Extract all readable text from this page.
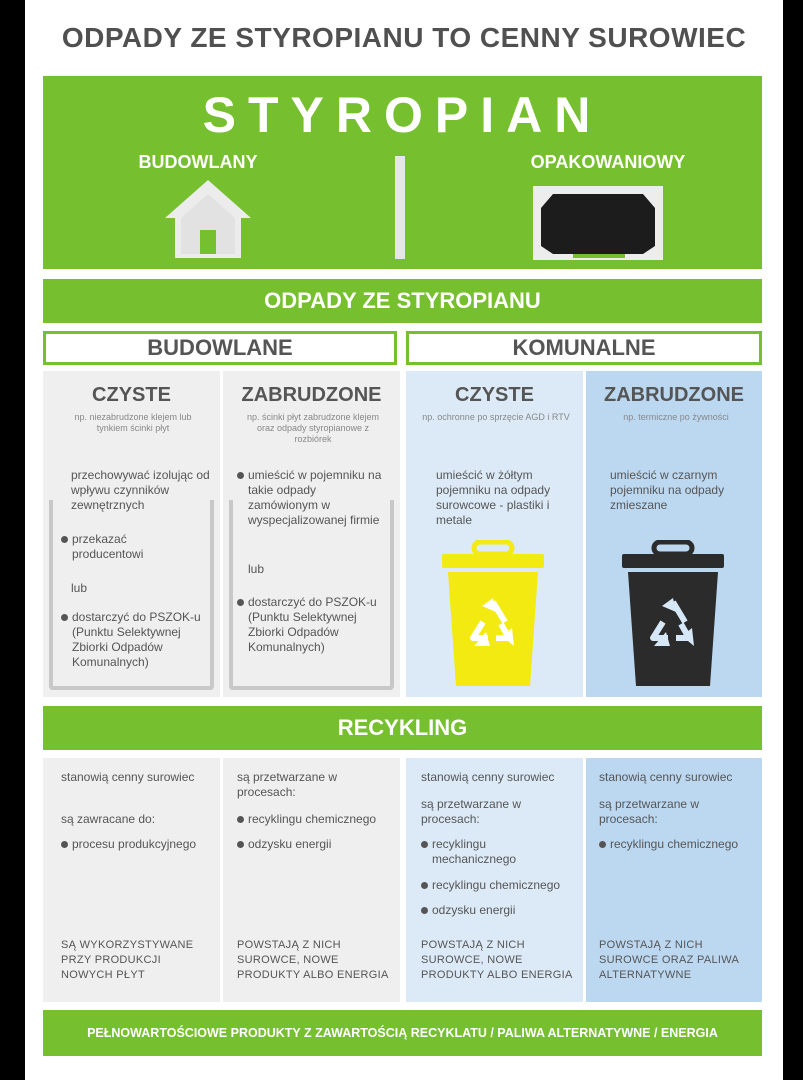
ODPADY ZE STYROPIANU TO CENNY SUROWIEC
STYROPIAN
BUDOWLANY	OPAKOWANIOWY
ODPADY ZE STYROPIANU
BUDOWLANE	KOMUNALNE
CZYSTE
np. niezabrudzone klejem lub tynkiem ścinki płyt
przechowywać izolując od wpływu czynników zewnętrznych
przekazać producentowi
lub
dostarczyć do PSZOK-u (Punktu Selektywnej Zbiorki Odpadów Komunalnych)
ZABRUDZONE
np. ścinki płyt zabrudzone klejem oraz odpady styropianowe z rozbiórek
umieścić w pojemniku na takie odpady zamówionym w wyspecjalizowanej firmie
lub
dostarczyć do PSZOK-u (Punktu Selektywnej Zbiorki Odpadów Komunalnych)
CZYSTE
np. ochronne po sprzęcie AGD i RTV
umieścić w żółtym pojemniku na odpady surowcowe - plastiki i metale
ZABRUDZONE
np. termiczne po żywności
umieścić w czarnym pojemniku na odpady zmieszane
RECYKLING
stanowią cenny surowiec
są zawracane do:
procesu produkcyjnego
SĄ WYKORZYSTYWANE PRZY PRODUKCJI NOWYCH PŁYT
są przetwarzane w procesach:
recyklingu chemicznego
odzysku energii
POWSTAJĄ Z NICH SUROWCE, NOWE PRODUKTY ALBO ENERGIA
stanowią cenny surowiec
są przetwarzane w procesach:
recyklingu mechanicznego
recyklingu chemicznego
odzysku energii
POWSTAJĄ Z NICH SUROWCE, NOWE PRODUKTY ALBO ENERGIA
stanowią cenny surowiec
są przetwarzane w procesach:
recyklingu chemicznego
POWSTAJĄ Z NICH SUROWCE ORAZ PALIWA ALTERNATYWNE
PEŁNOWARTOŚCIOWE PRODUKTY Z ZAWARTOŚCIĄ RECYKLATU / PALIWA ALTERNATYWNE / ENERGIA
